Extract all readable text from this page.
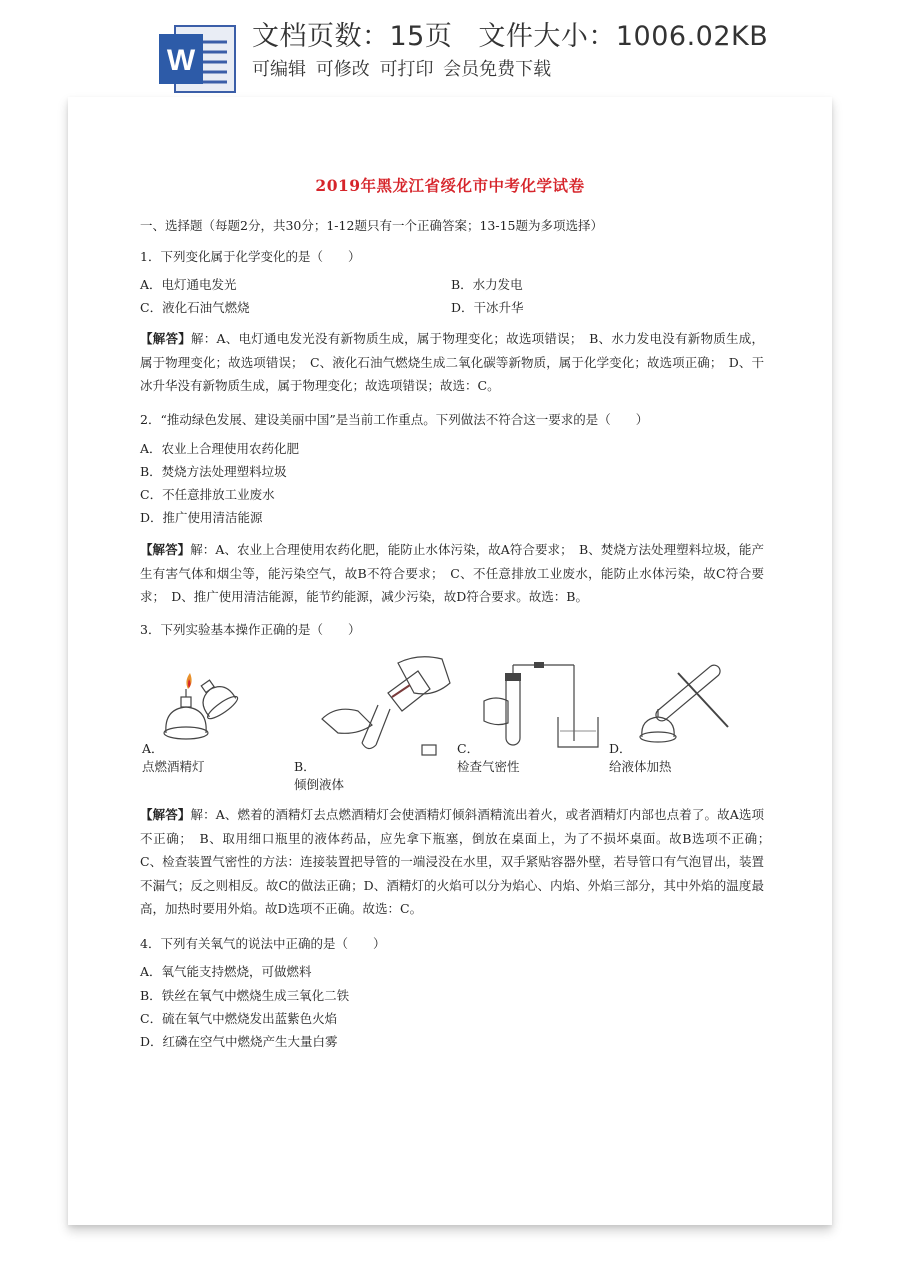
W
文档页数：15页 文件大小：1006.02KB
可编辑 可修改 可打印 会员免费下载
2019年黑龙江省绥化市中考化学试卷
一、选择题（每题2分，共30分；1-12题只有一个正确答案；13-15题为多项选择）
1．下列变化属于化学变化的是（　　）
A．电灯通电发光	B．水力发电
C．液化石油气燃烧	D．干冰升华
【解答】解：A、电灯通电发光没有新物质生成，属于物理变化；故选项错误；　B、水力发电没有新物质生成，属于物理变化；故选项错误；　C、液化石油气燃烧生成二氧化碳等新物质，属于化学变化；故选项正确；　D、干冰升华没有新物质生成，属于物理变化；故选项错误；故选：C。
2．“推动绿色发展、建设美丽中国”是当前工作重点。下列做法不符合这一要求的是（　　）
A．农业上合理使用农药化肥
B．焚烧方法处理塑料垃圾
C．不任意排放工业废水
D．推广使用清洁能源
【解答】解：A、农业上合理使用农药化肥，能防止水体污染，故A符合要求；　B、焚烧方法处理塑料垃圾，能产生有害气体和烟尘等，能污染空气，故B不符合要求；　C、不任意排放工业废水，能防止水体污染，故C符合要求；　D、推广使用清洁能源，能节约能源，减少污染，故D符合要求。故选：B。
3．下列实验基本操作正确的是（　　）
A．
点燃酒精灯	B．
倾倒液体
C．
检查气密性
D．
给液体加热
【解答】解：A、燃着的酒精灯去点燃酒精灯会使酒精灯倾斜酒精流出着火，或者酒精灯内部也点着了。故A选项不正确；　B、取用细口瓶里的液体药品，应先拿下瓶塞，倒放在桌面上，为了不损坏桌面。故B选项不正确；　C、检查装置气密性的方法：连接装置把导管的一端浸没在水里，双手紧贴容器外壁，若导管口有气泡冒出，装置不漏气；反之则相反。故C的做法正确；D、酒精灯的火焰可以分为焰心、内焰、外焰三部分，其中外焰的温度最高，加热时要用外焰。故D选项不正确。故选：C。
4．下列有关氧气的说法中正确的是（　　）
A．氧气能支持燃烧，可做燃料
B．铁丝在氧气中燃烧生成三氧化二铁
C．硫在氧气中燃烧发出蓝紫色火焰
D．红磷在空气中燃烧产生大量白雾
